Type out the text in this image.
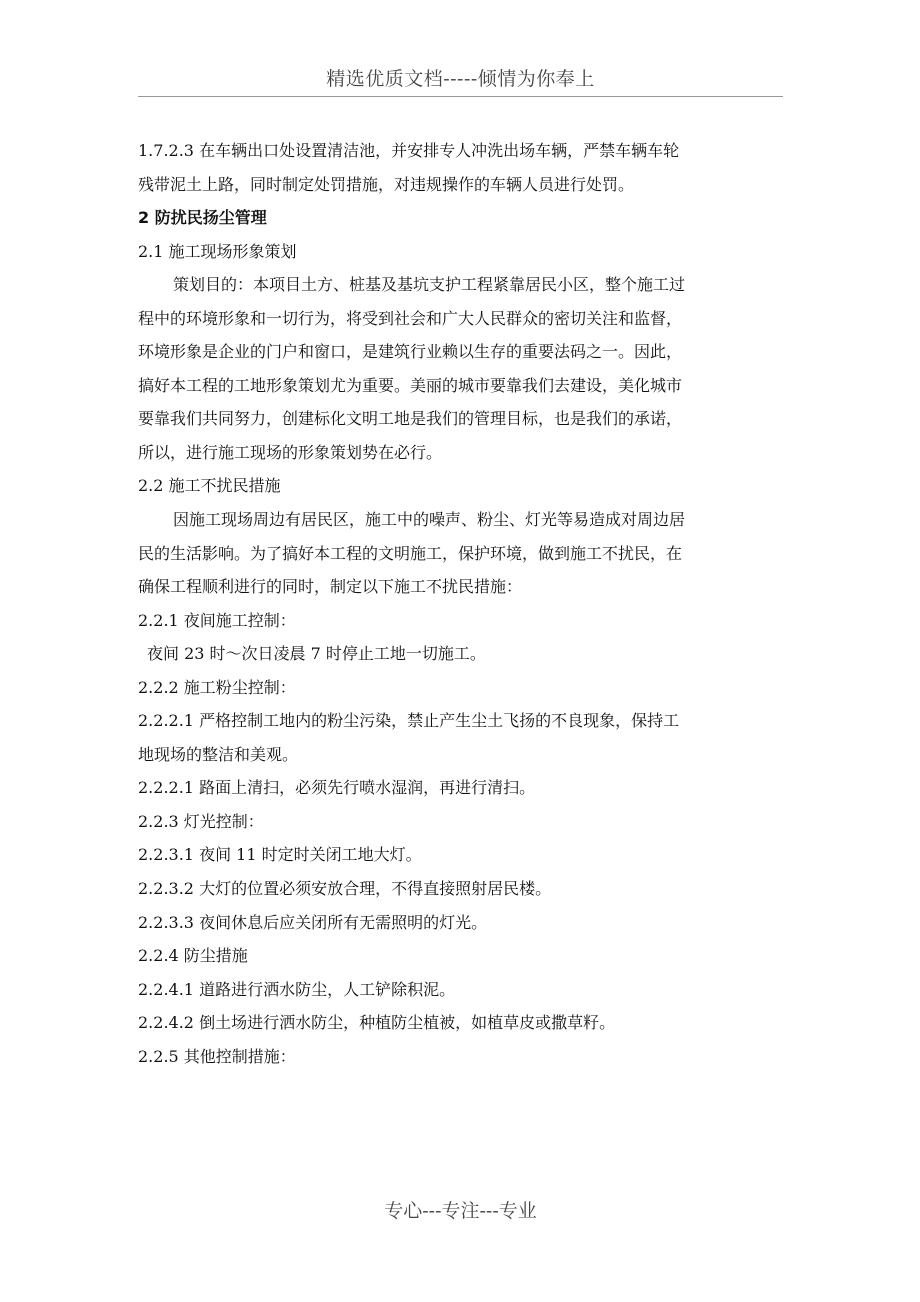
精选优质文档-----倾情为你奉上
1.7.2.3 在车辆出口处设置清洁池，并安排专人冲洗出场车辆，严禁车辆车轮
残带泥土上路，同时制定处罚措施，对违规操作的车辆人员进行处罚。
2 防扰民扬尘管理
2.1 施工现场形象策划
策划目的：本项目土方、桩基及基坑支护工程紧靠居民小区，整个施工过
程中的环境形象和一切行为，将受到社会和广大人民群众的密切关注和监督，
环境形象是企业的门户和窗口，是建筑行业赖以生存的重要法码之一。因此，
搞好本工程的工地形象策划尤为重要。美丽的城市要靠我们去建设，美化城市
要靠我们共同努力，创建标化文明工地是我们的管理目标，也是我们的承诺，
所以，进行施工现场的形象策划势在必行。
2.2 施工不扰民措施
因施工现场周边有居民区，施工中的噪声、粉尘、灯光等易造成对周边居
民的生活影响。为了搞好本工程的文明施工，保护环境，做到施工不扰民，在
确保工程顺利进行的同时，制定以下施工不扰民措施：
2.2.1 夜间施工控制：
夜间 23 时～次日凌晨 7 时停止工地一切施工。
2.2.2 施工粉尘控制：
2.2.2.1 严格控制工地内的粉尘污染，禁止产生尘土飞扬的不良现象，保持工
地现场的整洁和美观。
2.2.2.1 路面上清扫，必须先行喷水湿润，再进行清扫。
2.2.3 灯光控制：
2.2.3.1 夜间 11 时定时关闭工地大灯。
2.2.3.2 大灯的位置必须安放合理，不得直接照射居民楼。
2.2.3.3 夜间休息后应关闭所有无需照明的灯光。
2.2.4 防尘措施
2.2.4.1 道路进行洒水防尘，人工铲除积泥。
2.2.4.2 倒土场进行洒水防尘，种植防尘植被，如植草皮或撒草籽。
2.2.5 其他控制措施：
专心---专注---专业
